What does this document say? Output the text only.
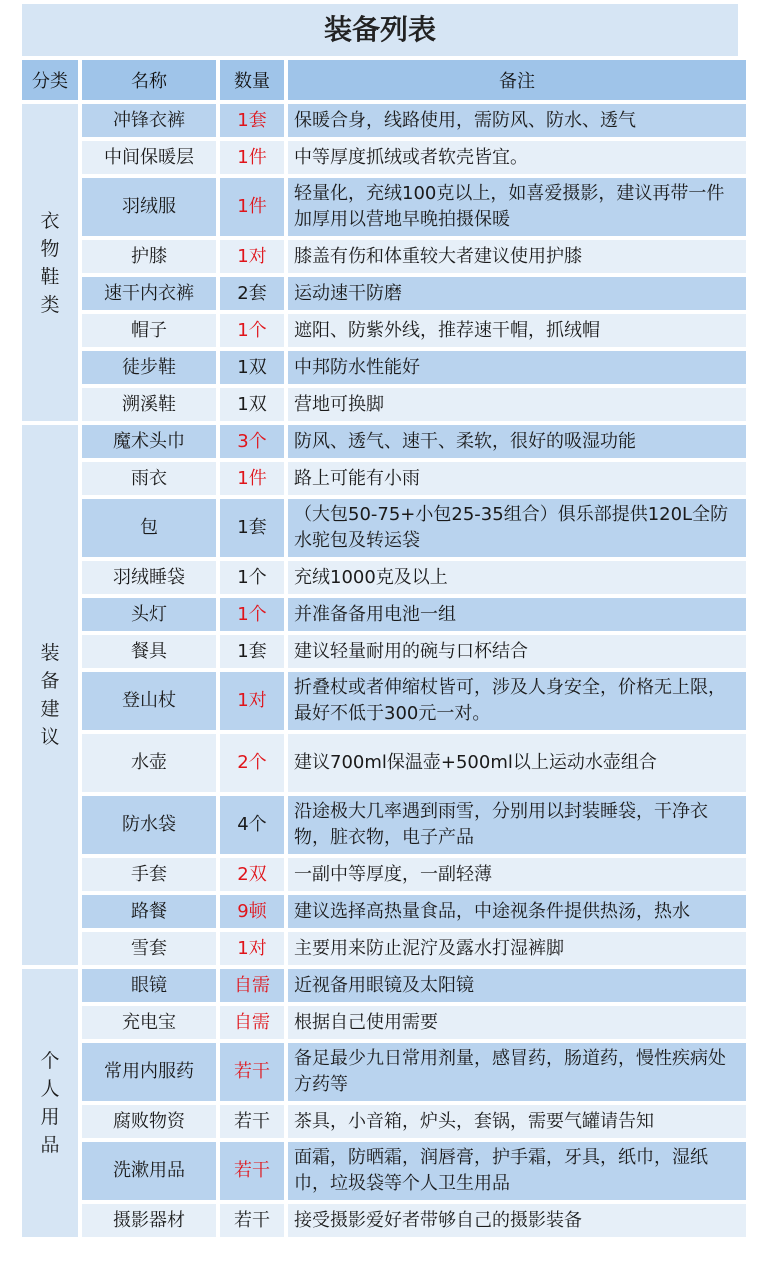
装备列表
分类	名称	数量	备注
衣物鞋类	冲锋衣裤	1套	保暖合身，线路使用，需防风、防水、透气
	中间保暖层	1件	中等厚度抓绒或者软壳皆宜。
	羽绒服	1件	轻量化，充绒100克以上，如喜爱摄影，建议再带一件加厚用以营地早晚拍摄保暖
	护膝	1对	膝盖有伤和体重较大者建议使用护膝
	速干内衣裤	2套	运动速干防磨
	帽子	1个	遮阳、防紫外线，推荐速干帽，抓绒帽
	徒步鞋	1双	中邦防水性能好
	溯溪鞋	1双	营地可换脚
装备建议	魔术头巾	3个	防风、透气、速干、柔软，很好的吸湿功能
	雨衣	1件	路上可能有小雨
	包	1套	（大包50-75+小包25-35组合）俱乐部提供120L全防水驼包及转运袋
	羽绒睡袋	1个	充绒1000克及以上
	头灯	1个	并准备备用电池一组
	餐具	1套	建议轻量耐用的碗与口杯结合
	登山杖	1对	折叠杖或者伸缩杖皆可，涉及人身安全，价格无上限，最好不低于300元一对。
	水壶	2个	建议700ml保温壶+500ml以上运动水壶组合
	防水袋	4个	沿途极大几率遇到雨雪，分别用以封装睡袋，干净衣物，脏衣物，电子产品
	手套	2双	一副中等厚度，一副轻薄
	路餐	9顿	建议选择高热量食品，中途视条件提供热汤，热水
	雪套	1对	主要用来防止泥泞及露水打湿裤脚
个人用品	眼镜	自需	近视备用眼镜及太阳镜
	充电宝	自需	根据自己使用需要
	常用内服药	若干	备足最少九日常用剂量，感冒药，肠道药，慢性疾病处方药等
	腐败物资	若干	茶具，小音箱，炉头，套锅，需要气罐请告知
	洗漱用品	若干	面霜，防晒霜，润唇膏，护手霜，牙具，纸巾，湿纸巾，垃圾袋等个人卫生用品
	摄影器材	若干	接受摄影爱好者带够自己的摄影装备
